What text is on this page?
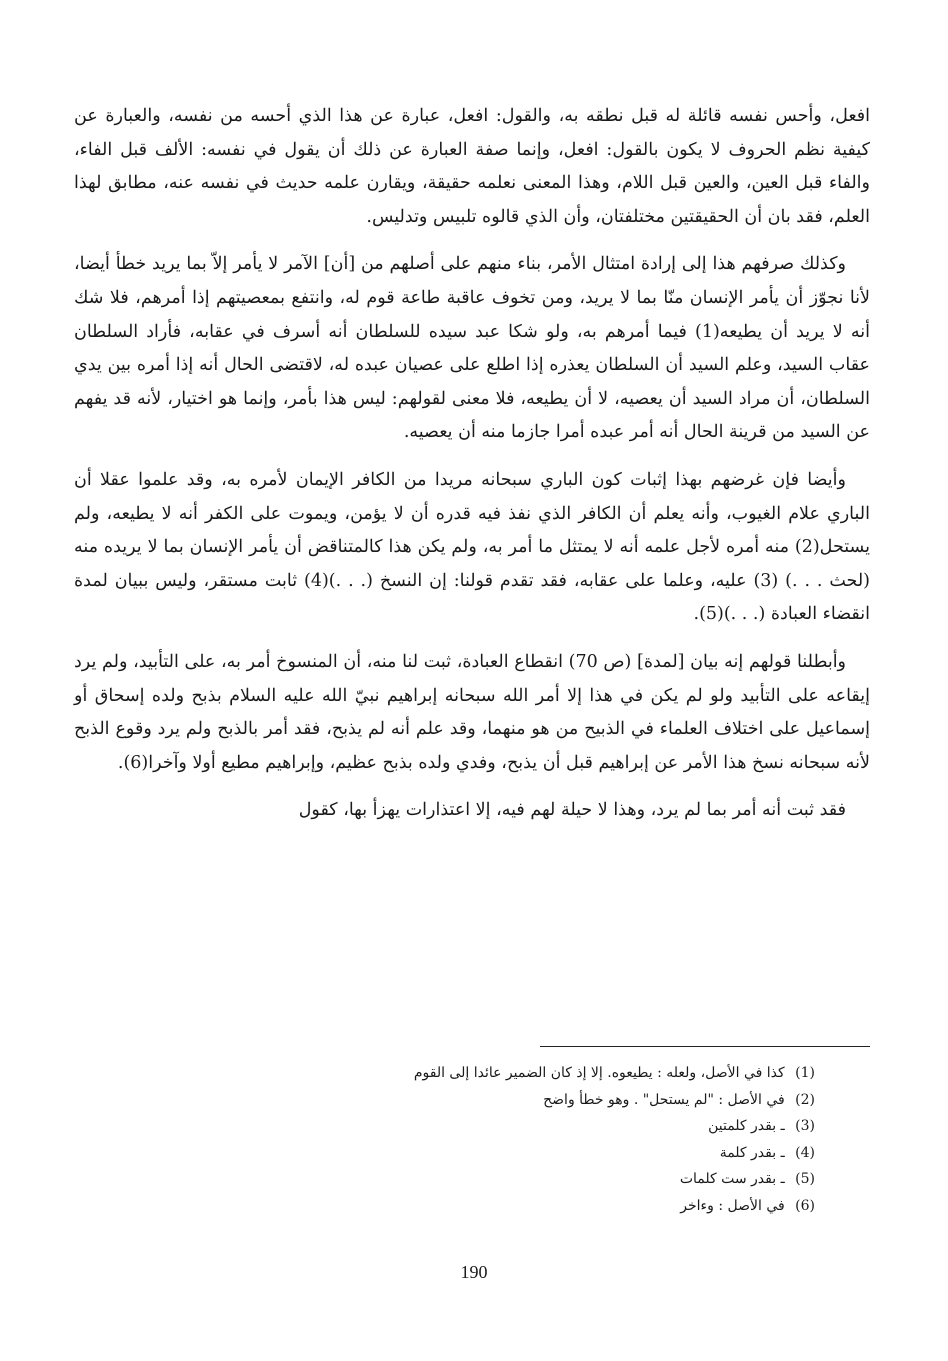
افعل، وأحس نفسه قائلة له قبل نطقه به، والقول: افعل، عبارة عن هذا الذي أحسه من نفسه، والعبارة عن كيفية نظم الحروف لا يكون بالقول: افعل، وإنما صفة العبارة عن ذلك أن يقول في نفسه: الألف قبل الفاء، والفاء قبل العين، والعين قبل اللام، وهذا المعنى نعلمه حقيقة، ويقارن علمه حديث في نفسه عنه، مطابق لهذا العلم، فقد بان أن الحقيقتين مختلفتان، وأن الذي قالوه تلبيس وتدليس.

وكذلك صرفهم هذا إلى إرادة امتثال الأمر، بناء منهم على أصلهم من [أن] الآمر لا يأمر إلاّ بما يريد خطأ أيضا، لأنا نجوّز أن يأمر الإنسان منّا بما لا يريد، ومن تخوف عاقبة طاعة قوم له، وانتفع بمعصيتهم إذا أمرهم، فلا شك أنه لا يريد أن يطيعه(1) فيما أمرهم به، ولو شكا عبد سيده للسلطان أنه أسرف في عقابه، فأراد السلطان عقاب السيد، وعلم السيد أن السلطان يعذره إذا اطلع على عصيان عبده له، لاقتضى الحال أنه إذا أمره بين يدي السلطان، أن مراد السيد أن يعصيه، لا أن يطيعه، فلا معنى لقولهم: ليس هذا بأمر، وإنما هو اختيار، لأنه قد يفهم عن السيد من قرينة الحال أنه أمر عبده أمرا جازما منه أن يعصيه.

وأيضا فإن غرضهم بهذا إثبات كون الباري سبحانه مريدا من الكافر الإيمان لأمره به، وقد علموا عقلا أن الباري علام الغيوب، وأنه يعلم أن الكافر الذي نفذ فيه قدره أن لا يؤمن، ويموت على الكفر أنه لا يطيعه، ولم يستحل(2) منه أمره لأجل علمه أنه لا يمتثل ما أمر به، ولم يكن هذا كالمتناقض أن يأمر الإنسان بما لا يريده منه (لحث . . .) (3) عليه، وعلما على عقابه، فقد تقدم قولنا: إن النسخ (. . .)(4) ثابت مستقر، وليس ببيان لمدة انقضاء العبادة (. . .)(5).

وأبطلنا قولهم إنه بيان [لمدة] (ص 70) انقطاع العبادة، ثبت لنا منه، أن المنسوخ أمر به، على التأبيد، ولم يرد إيقاعه على التأبيد ولو لم يكن في هذا إلا أمر الله سبحانه إبراهيم نبيّ الله عليه السلام بذبح ولده إسحاق أو إسماعيل على اختلاف العلماء في الذبيح من هو منهما، وقد علم أنه لم يذبح، فقد أمر بالذبح ولم يرد وقوع الذبح لأنه سبحانه نسخ هذا الأمر عن إبراهيم قبل أن يذبح، وفدي ولده بذبح عظيم، وإبراهيم مطيع أولا وآخرا(6).

فقد ثبت أنه أمر بما لم يرد، وهذا لا حيلة لهم فيه، إلا اعتذارات يهزأ بها، كقول

(1) كذا في الأصل، ولعله : يطيعوه. إلا إذ كان الضمير عائدا إلى القوم
(2) في الأصل : "لم يستحل" . وهو خطأ واضح
(3) ـ بقدر كلمتين
(4) ـ بقدر كلمة
(5) ـ بقدر ست كلمات
(6) في الأصل : وءاخر
190
